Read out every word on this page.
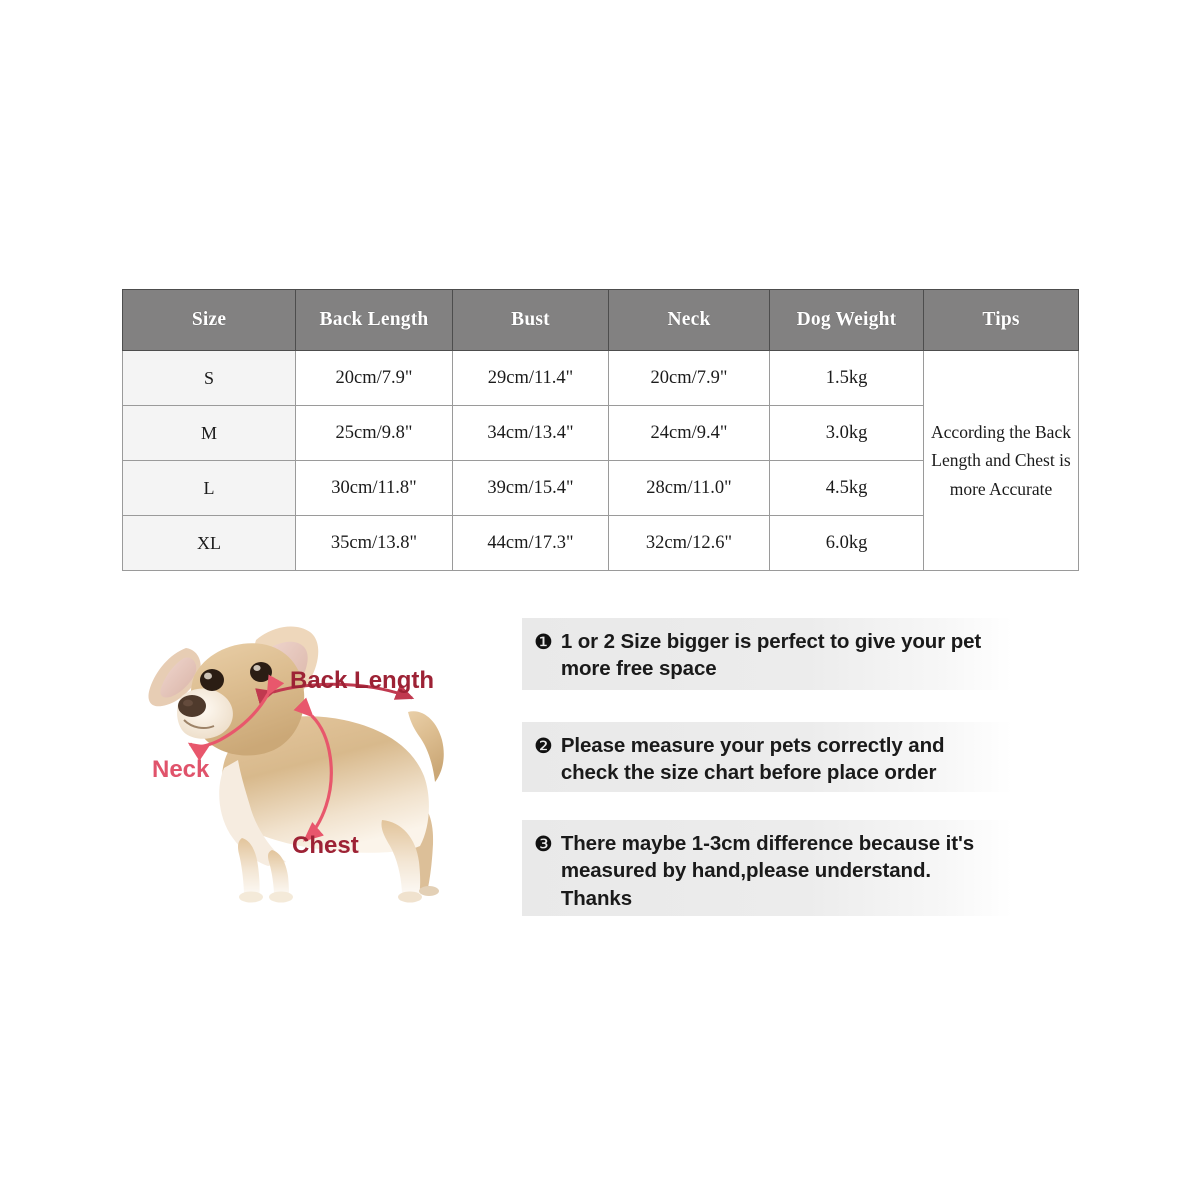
Size	Back Length	Bust	Neck	Dog Weight	Tips
S	20cm/7.9"	29cm/11.4"	20cm/7.9"	1.5kg	According the Back Length and Chest is more Accurate
M	25cm/9.8"	34cm/13.4"	24cm/9.4"	3.0kg	
L	30cm/11.8"	39cm/15.4"	28cm/11.0"	4.5kg	
XL	35cm/13.8"	44cm/17.3"	32cm/12.6"	6.0kg	
Back Length
Neck
Chest
❶ 1 or 2 Size bigger is perfect to give your pet more free space
❷ Please measure your pets correctly and check the size chart before place order
❸ There maybe 1-3cm difference because it's measured by hand,please understand. Thanks
